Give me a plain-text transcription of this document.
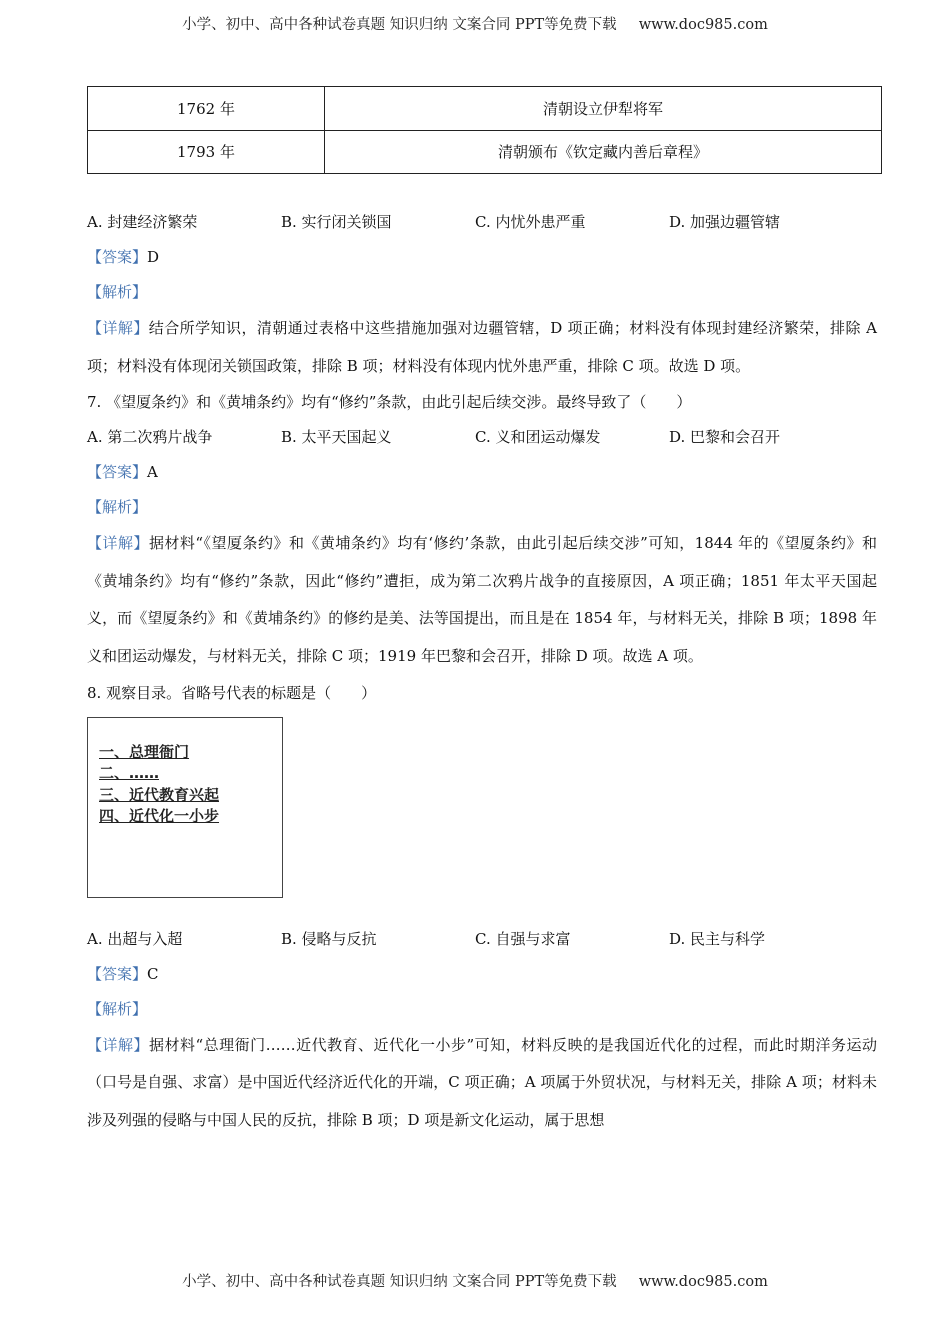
小学、初中、高中各种试卷真题 知识归纳 文案合同 PPT等免费下载 www.doc985.com
1762 年	清朝设立伊犁将军
1793 年	清朝颁布《钦定藏内善后章程》
A. 封建经济繁荣	B. 实行闭关锁国	C. 内忧外患严重	D. 加强边疆管辖

【答案】D

【解析】

【详解】结合所学知识，清朝通过表格中这些措施加强对边疆管辖，D 项正确；材料没有体现封建经济繁荣，排除 A 项；材料没有体现闭关锁国政策，排除 B 项；材料没有体现内忧外患严重，排除 C 项。故选 D 项。

7. 《望厦条约》和《黄埔条约》均有“修约”条款，由此引起后续交涉。最终导致了（　　）

A. 第二次鸦片战争	B. 太平天国起义	C. 义和团运动爆发	D. 巴黎和会召开

【答案】A

【解析】

【详解】据材料“《望厦条约》和《黄埔条约》均有‘修约’条款，由此引起后续交涉”可知，1844 年的《望厦条约》和《黄埔条约》均有“修约”条款，因此“修约”遭拒，成为第二次鸦片战争的直接原因，A 项正确；1851 年太平天国起义，而《望厦条约》和《黄埔条约》的修约是美、法等国提出，而且是在 1854 年，与材料无关，排除 B 项；1898 年义和团运动爆发，与材料无关，排除 C 项；1919 年巴黎和会召开，排除 D 项。故选 A 项。

8. 观察目录。省略号代表的标题是（　　）

一、总理衙门
二、……
三、近代教育兴起
四、近代化一小步
A. 出超与入超	B. 侵略与反抗	C. 自强与求富	D. 民主与科学

【答案】C

【解析】

【详解】据材料“总理衙门……近代教育、近代化一小步”可知，材料反映的是我国近代化的过程，而此时期洋务运动（口号是自强、求富）是中国近代经济近代化的开端，C 项正确；A 项属于外贸状况，与材料无关，排除 A 项；材料未涉及列强的侵略与中国人民的反抗，排除 B 项；D 项是新文化运动，属于思想

小学、初中、高中各种试卷真题 知识归纳 文案合同 PPT等免费下载 www.doc985.com
